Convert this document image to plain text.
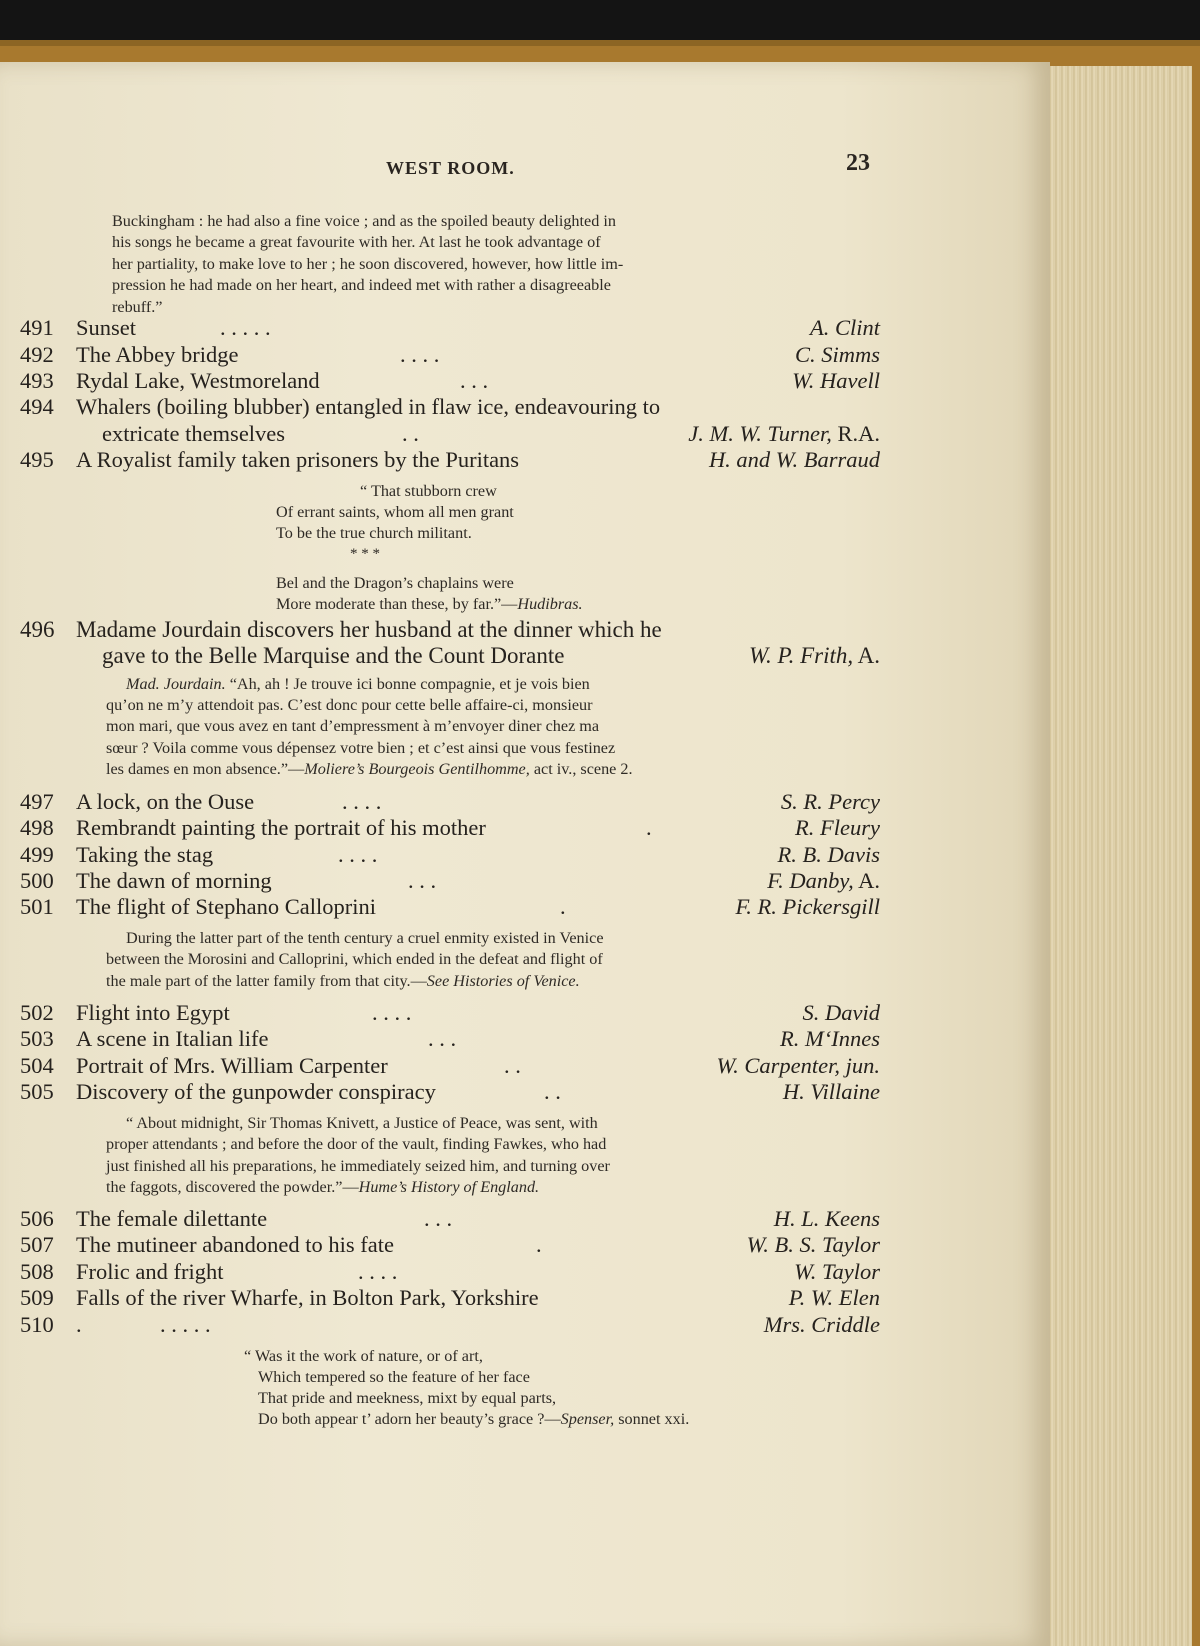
WEST ROOM.	23
Buckingham : he had also a fine voice ; and as the spoiled beauty delighted in
his songs he became a great favourite with her. At last he took advantage of
her partiality, to make love to her ; he soon discovered, however, how little im-
pression he had made on her heart, and indeed met with rather a disagreeable
rebuff.”
491 Sunset	. . . . .	A. Clint
492 The Abbey bridge	. . . .	C. Simms
493 Rydal Lake, Westmoreland	. . .	W. Havell
494 Whalers (boiling blubber) entangled in flaw ice, endeavouring to
extricate themselves	. .	J. M. W. Turner, R.A.
495 A Royalist family taken prisoners by the Puritans	H. and W. Barraud
“ That stubborn crew
Of errant saints, whom all men grant
To be the true church militant.
* * *
Bel and the Dragon’s chaplains were
More moderate than these, by far.”—Hudibras.
496 Madame Jourdain discovers her husband at the dinner which he
gave to the Belle Marquise and the Count Dorante	W. P. Frith, A.
Mad. Jourdain. “Ah, ah ! Je trouve ici bonne compagnie, et je vois bien
qu’on ne m’y attendoit pas. C’est donc pour cette belle affaire-ci, monsieur
mon mari, que vous avez en tant d’empressment à m’envoyer diner chez ma
sœur ? Voila comme vous dépensez votre bien ; et c’est ainsi que vous festinez
les dames en mon absence.”—Moliere’s Bourgeois Gentilhomme, act iv., scene 2.
497 A lock, on the Ouse	. . . .	S. R. Percy
498 Rembrandt painting the portrait of his mother	.	R. Fleury
499 Taking the stag	. . . .	R. B. Davis
500 The dawn of morning	. . .	F. Danby, A.
501 The flight of Stephano Calloprini	.	F. R. Pickersgill
During the latter part of the tenth century a cruel enmity existed in Venice
between the Morosini and Calloprini, which ended in the defeat and flight of
the male part of the latter family from that city.—See Histories of Venice.
502 Flight into Egypt	. . . .	S. David
503 A scene in Italian life	. . .	R. M‘Innes
504 Portrait of Mrs. William Carpenter	. .	W. Carpenter, jun.
505 Discovery of the gunpowder conspiracy	. .	H. Villaine
“ About midnight, Sir Thomas Knivett, a Justice of Peace, was sent, with
proper attendants ; and before the door of the vault, finding Fawkes, who had
just finished all his preparations, he immediately seized him, and turning over
the faggots, discovered the powder.”—Hume’s History of England.
506 The female dilettante	. . .	H. L. Keens
507 The mutineer abandoned to his fate	.	W. B. S. Taylor
508 Frolic and fright	. . . .	W. Taylor
509 Falls of the river Wharfe, in Bolton Park, Yorkshire	P. W. Elen
510 .	. . . . .	Mrs. Criddle
“ Was it the work of nature, or of art,
Which tempered so the feature of her face
That pride and meekness, mixt by equal parts,
Do both appear t’ adorn her beauty’s grace ?—Spenser, sonnet xxi.
